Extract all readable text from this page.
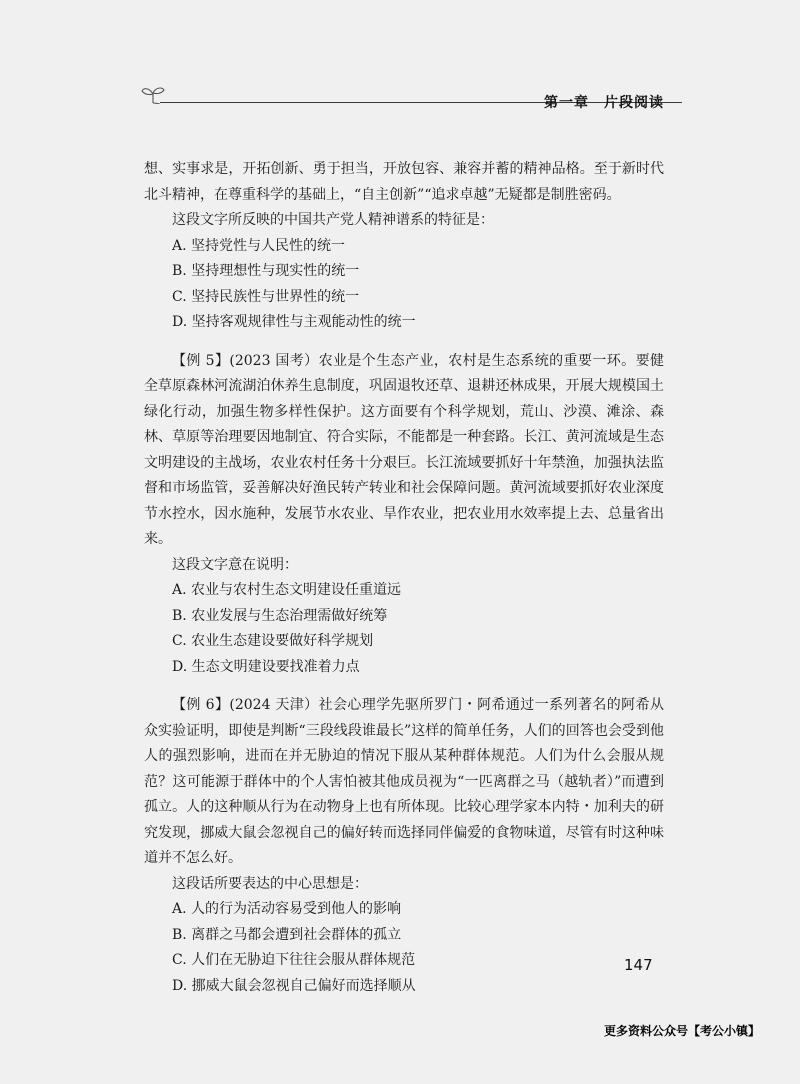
第一章　片段阅读

想、实事求是，开拓创新、勇于担当，开放包容、兼容并蓄的精神品格。至于新时代北斗精神，在尊重科学的基础上，“自主创新”“追求卓越”无疑都是制胜密码。

这段文字所反映的中国共产党人精神谱系的特征是：

A. 坚持党性与人民性的统一

B. 坚持理想性与现实性的统一

C. 坚持民族性与世界性的统一

D. 坚持客观规律性与主观能动性的统一

【例 5】(2023 国考）农业是个生态产业，农村是生态系统的重要一环。要健全草原森林河流湖泊休养生息制度，巩固退牧还草、退耕还林成果，开展大规模国土绿化行动，加强生物多样性保护。这方面要有个科学规划，荒山、沙漠、滩涂、森林、草原等治理要因地制宜、符合实际，不能都是一种套路。长江、黄河流域是生态文明建设的主战场，农业农村任务十分艰巨。长江流域要抓好十年禁渔，加强执法监督和市场监管，妥善解决好渔民转产转业和社会保障问题。黄河流域要抓好农业深度节水控水，因水施种，发展节水农业、旱作农业，把农业用水效率提上去、总量省出来。

这段文字意在说明：

A. 农业与农村生态文明建设任重道远

B. 农业发展与生态治理需做好统筹

C. 农业生态建设要做好科学规划

D. 生态文明建设要找准着力点

【例 6】(2024 天津）社会心理学先驱所罗门・阿希通过一系列著名的阿希从众实验证明，即使是判断“三段线段谁最长”这样的简单任务，人们的回答也会受到他人的强烈影响，进而在并无胁迫的情况下服从某种群体规范。人们为什么会服从规范？这可能源于群体中的个人害怕被其他成员视为“一匹离群之马（越轨者）”而遭到孤立。人的这种顺从行为在动物身上也有所体现。比较心理学家本内特・加利夫的研究发现，挪威大鼠会忽视自己的偏好转而选择同伴偏爱的食物味道，尽管有时这种味道并不怎么好。

这段话所要表达的中心思想是：

A. 人的行为活动容易受到他人的影响

B. 离群之马都会遭到社会群体的孤立

C. 人们在无胁迫下往往会服从群体规范

D. 挪威大鼠会忽视自己偏好而选择顺从

147
更多资料公众号【考公小镇】
